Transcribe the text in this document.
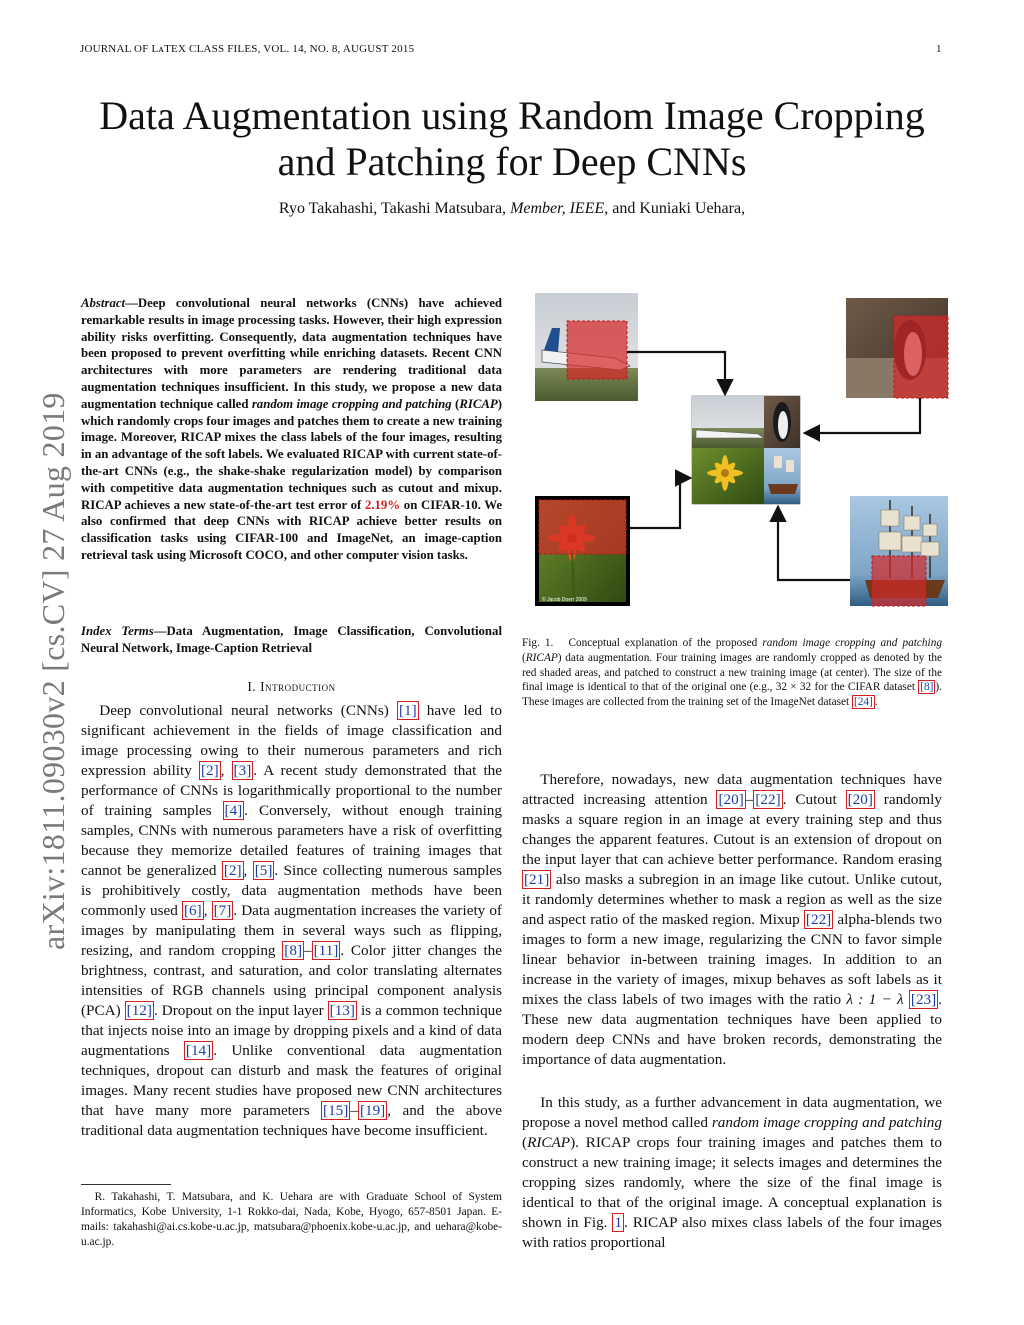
JOURNAL OF LᴀTEX CLASS FILES, VOL. 14, NO. 8, AUGUST 2015	1
Data Augmentation using Random Image Cropping
and Patching for Deep CNNs
Ryo Takahashi, Takashi Matsubara, Member, IEEE, and Kuniaki Uehara,
arXiv:1811.09030v2 [cs.CV] 27 Aug 2019
Abstract—Deep convolutional neural networks (CNNs) have achieved remarkable results in image processing tasks. However, their high expression ability risks overfitting. Consequently, data augmentation techniques have been proposed to prevent overfitting while enriching datasets. Recent CNN architectures with more parameters are rendering traditional data augmentation techniques insufficient. In this study, we propose a new data augmentation technique called random image cropping and patching (RICAP) which randomly crops four images and patches them to create a new training image. Moreover, RICAP mixes the class labels of the four images, resulting in an advantage of the soft labels. We evaluated RICAP with current state-of-the-art CNNs (e.g., the shake-shake regularization model) by comparison with competitive data augmentation techniques such as cutout and mixup. RICAP achieves a new state-of-the-art test error of 2.19% on CIFAR-10. We also confirmed that deep CNNs with RICAP achieve better results on classification tasks using CIFAR-100 and ImageNet, an image-caption retrieval task using Microsoft COCO, and other computer vision tasks.
Index Terms—Data Augmentation, Image Classification, Convolutional Neural Network, Image-Caption Retrieval
I. Introduction
Deep convolutional neural networks (CNNs) [1] have led to significant achievement in the fields of image classification and image processing owing to their numerous parameters and rich expression ability [2] , [3] . A recent study demonstrated that the performance of CNNs is logarithmically proportional to the number of training samples [4] . Conversely, without enough training samples, CNNs with numerous parameters have a risk of overfitting because they memorize detailed features of training images that cannot be generalized [2] , [5] . Since collecting numerous samples is prohibitively costly, data augmentation methods have been commonly used [6] , [7] . Data augmentation increases the variety of images by manipulating them in several ways such as flipping, resizing, and random cropping [8] – [11] . Color jitter changes the brightness, contrast, and saturation, and color translating alternates intensities of RGB channels using principal component analysis (PCA) [12] . Dropout on the input layer [13] is a common technique that injects noise into an image by dropping pixels and a kind of data augmentations [14] . Unlike conventional data augmentation techniques, dropout can disturb and mask the features of original images. Many recent studies have proposed new CNN architectures that have many more parameters [15] – [19] , and the above traditional data augmentation techniques have become insufficient.
R. Takahashi, T. Matsubara, and K. Uehara are with Graduate School of System Informatics, Kobe University, 1-1 Rokko-dai, Nada, Kobe, Hyogo, 657-8501 Japan. E-mails: takahashi@ai.cs.kobe-u.ac.jp, matsubara@phoenix.kobe-u.ac.jp, and uehara@kobe-u.ac.jp.
© Jacob Doerr 2009
Fig. 1. Conceptual explanation of the proposed random image cropping and patching (RICAP) data augmentation. Four training images are randomly cropped as denoted by the red shaded areas, and patched to construct a new training image (at center). The size of the final image is identical to that of the original one (e.g., 32 × 32 for the CIFAR dataset [8] ). These images are collected from the training set of the ImageNet dataset [24] .
Therefore, nowadays, new data augmentation techniques have attracted increasing attention [20] – [22] . Cutout [20] randomly masks a square region in an image at every training step and thus changes the apparent features. Cutout is an extension of dropout on the input layer that can achieve better performance. Random erasing [21] also masks a subregion in an image like cutout. Unlike cutout, it randomly determines whether to mask a region as well as the size and aspect ratio of the masked region. Mixup [22] alpha-blends two images to form a new image, regularizing the CNN to favor simple linear behavior in-between training images. In addition to an increase in the variety of images, mixup behaves as soft labels as it mixes the class labels of two images with the ratio λ : 1 − λ [23] . These new data augmentation techniques have been applied to modern deep CNNs and have broken records, demonstrating the importance of data augmentation.
In this study, as a further advancement in data augmentation, we propose a novel method called random image cropping and patching (RICAP). RICAP crops four training images and patches them to construct a new training image; it selects images and determines the cropping sizes randomly, where the size of the final image is identical to that of the original image. A conceptual explanation is shown in Fig. 1 . RICAP also mixes class labels of the four images with ratios proportional
